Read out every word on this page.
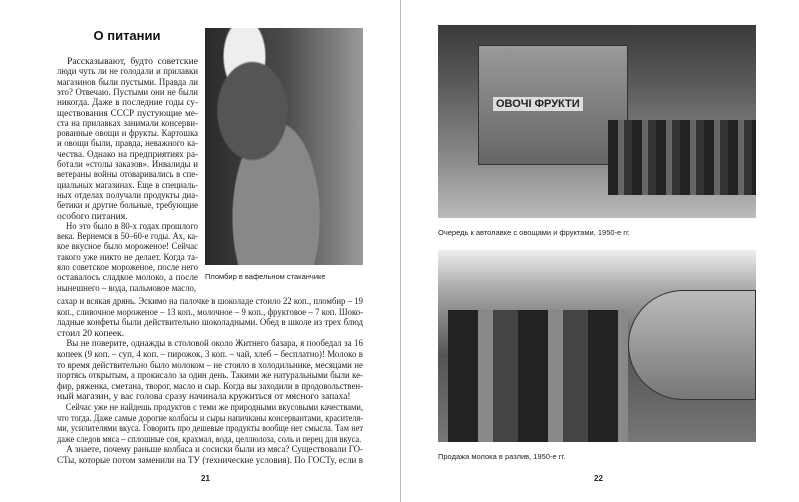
О питании
Рассказывают, будто советские
люди чуть ли не голодали и прилавки
магазинов были пустыми. Правда ли
это? Отвечаю. Пустыми они не были
никогда. Даже в последние годы су-
ществования СССР пустующие ме-
ста на прилавках занимали консерви-
рованные овощи и фрукты. Картошка
и овощи были, правда, неважного ка-
чества. Однако на предприятиях ра-
ботали «столы заказов». Инвалиды и
ветераны войны отоваривались в спе-
циальных магазинах. Еще в специаль-
ных отделах получали продукты диа-
бетики и другие больные, требующие
особого питания.
Но это было в 80-х годах прошлого
века. Вернемся в 50–60-е годы. Ах, ка-
кое вкусное было мороженое! Сейчас
такого уже никто не делает. Когда та-
яло советское мороженое, после него
оставалось сладкое молоко, а после
нынешнего – вода, пальмовое масло,
сахар и всякая дрянь. Эскимо на палочке в шоколаде стоило 22 коп., пломбир – 19
коп., сливочное мороженое – 13 коп., молочное – 9 коп., фруктовое – 7 коп. Шоко-
ладные конфеты были действительно шоколадными. Обед в школе из трех блюд
стоил 20 копеек.
Вы не поверите, однажды в столовой около Житнего базара, я пообедал за 16
копеек (9 коп. – суп, 4 коп. – пирожок, 3 коп. – чай, хлеб – бесплатно)! Молоко в
то время действительно было молоком – не стояло в холодильнике, месяцами не
портясь открытым, а прокисало за один день. Такими же натуральными были ке-
фир, ряженка, сметана, творог, масло и сыр. Когда вы заходили в продовольствен-
ный магазин, у вас голова сразу начинала кружиться от мясного запаха!
Сейчас уже не найдешь продуктов с теми же природными вкусовыми качествами,
что тогда. Даже самые дорогие колбасы и сыры напичканы консервантами, красителя-
ми, усилителями вкуса. Говорить про дешевые продукты вообще нет смысла. Там нет
даже следов мяса – сплошные соя, крахмал, вода, целлюлоза, соль и перец для вкуса.
А знаете, почему раньше колбаса и сосиски были из мяса? Существовали ГО-
СТы, которые потом заменили на ТУ (технические условия). По ГОСТу, если в
Пломбир в вафельном стаканчике
21
ОВОЧІ ФРУКТИ
Очередь к автолавке с овощами и фруктами, 1950-е гг.
Продажа молока в разлив, 1950-е гг.
22
